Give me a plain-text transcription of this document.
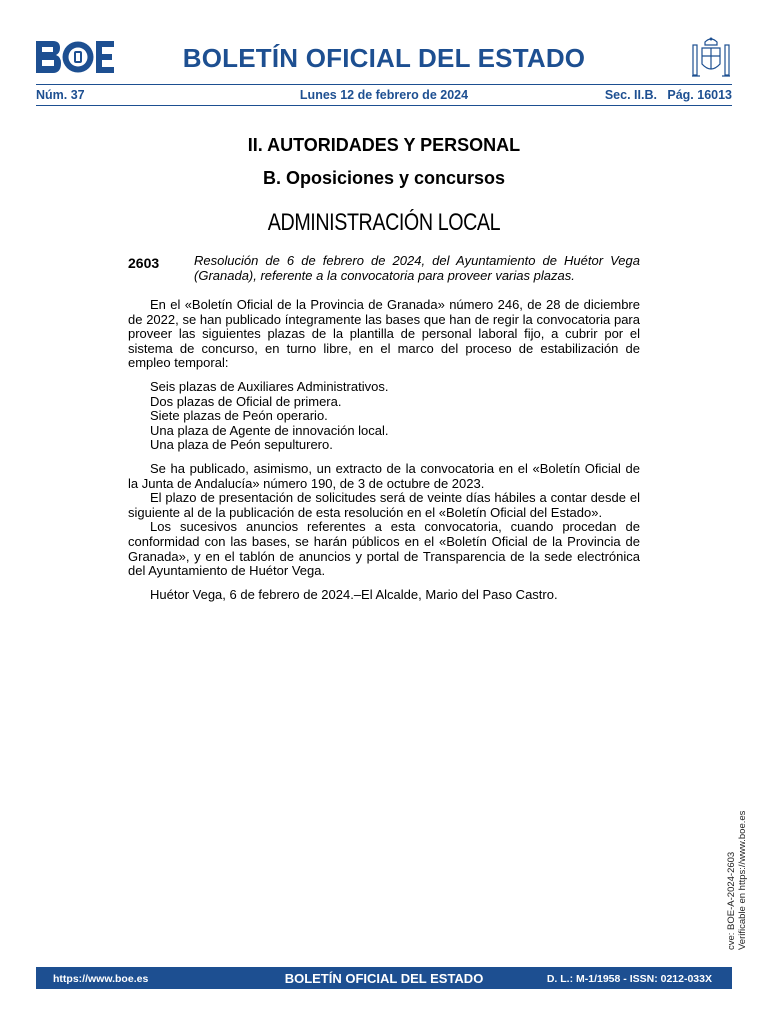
BOLETÍN OFICIAL DEL ESTADO
Núm. 37	Lunes 12 de febrero de 2024	Sec. II.B.   Pág. 16013
II. AUTORIDADES Y PERSONAL
B. Oposiciones y concursos
ADMINISTRACIÓN LOCAL
2603	Resolución de 6 de febrero de 2024, del Ayuntamiento de Huétor Vega (Granada), referente a la convocatoria para proveer varias plazas.

En el «Boletín Oficial de la Provincia de Granada» número 246, de 28 de diciembre de 2022, se han publicado íntegramente las bases que han de regir la convocatoria para proveer las siguientes plazas de la plantilla de personal laboral fijo, a cubrir por el sistema de concurso, en turno libre, en el marco del proceso de estabilización de empleo temporal:

Seis plazas de Auxiliares Administrativos.
Dos plazas de Oficial de primera.
Siete plazas de Peón operario.
Una plaza de Agente de innovación local.
Una plaza de Peón sepulturero.

Se ha publicado, asimismo, un extracto de la convocatoria en el «Boletín Oficial de la Junta de Andalucía» número 190, de 3 de octubre de 2023.

El plazo de presentación de solicitudes será de veinte días hábiles a contar desde el siguiente al de la publicación de esta resolución en el «Boletín Oficial del Estado».

Los sucesivos anuncios referentes a esta convocatoria, cuando procedan de conformidad con las bases, se harán públicos en el «Boletín Oficial de la Provincia de Granada», y en el tablón de anuncios y portal de Transparencia de la sede electrónica del Ayuntamiento de Huétor Vega.

Huétor Vega, 6 de febrero de 2024.–El Alcalde, Mario del Paso Castro.

cve: BOE-A-2024-2603 Verificable en https://www.boe.es
https://www.boe.es	BOLETÍN OFICIAL DEL ESTADO	D. L.: M-1/1958 - ISSN: 0212-033X
